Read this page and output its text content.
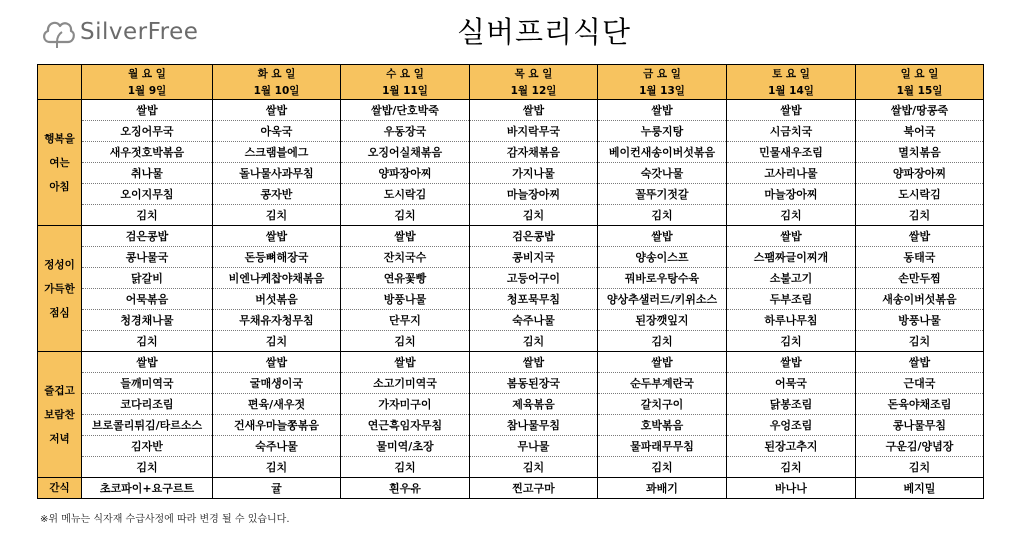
SilverFree	실버프리식단
	월 요 일	화 요 일	수 요 일	목 요 일	금 요 일	토 요 일	일 요 일
	1월 9일	1월 10일	1월 11일	1월 12일	1월 13일	1월 14일	1월 15일

행복을
여는
아침	쌀밥	쌀밥	쌀밥/단호박죽	쌀밥	쌀밥	쌀밥	쌀밥/땅콩죽
	오징어무국	아욱국	우동장국	바지락무국	누룽지탕	시금치국	북어국
	새우젓호박볶음	스크램블에그	오징어실채볶음	감자채볶음	베이컨새송이버섯볶음	민물새우조림	멸치볶음
	취나물	돌나물사과무침	양파장아찌	가지나물	숙갓나물	고사리나물	양파장아찌
	오이지무침	콩자반	도시락김	마늘장아찌	꼴뚜기젓갈	마늘장아찌	도시락김
	김치	김치	김치	김치	김치	김치	김치

정성이
가득한
점심	검은콩밥	쌀밥	쌀밥	검은콩밥	쌀밥	쌀밥	쌀밥
	콩나물국	돈등뼈해장국	잔치국수	콩비지국	양송이스프	스팸짜글이찌개	동태국
	닭갈비	비엔나케찹야채볶음	연유꽃빵	고등어구이	꿔바로우탕수육	소불고기	손만두찜
	어묵볶음	버섯볶음	방풍나물	청포묵무침	양상추샐러드/키위소스	두부조림	새송이버섯볶음
	청경채나물	무채유자청무침	단무지	숙주나물	된장깻잎지	하루나무침	방풍나물
	김치	김치	김치	김치	김치	김치	김치

즐겁고
보람찬
저녁	쌀밥	쌀밥	쌀밥	쌀밥	쌀밥	쌀밥	쌀밥
	들깨미역국	굴매생이국	소고기미역국	봄동된장국	순두부계란국	어묵국	근대국
	코다리조림	편육/새우젓	가자미구이	제육볶음	갈치구이	닭봉조림	돈육야채조림
	브로콜리튀김/타르소스	건새우마늘쫑볶음	연근흑임자무침	참나물무침	호박볶음	우엉조림	콩나물무침
	김자반	숙주나물	물미역/초장	무나물	물파래무무침	된장고추지	구운김/양념장
	김치	김치	김치	김치	김치	김치	김치
간식	초코파이+요구르트	귤	흰우유	찐고구마	꽈배기	바나나	베지밀
※위 메뉴는 식자재 수급사정에 따라 변경 될 수 있습니다.
